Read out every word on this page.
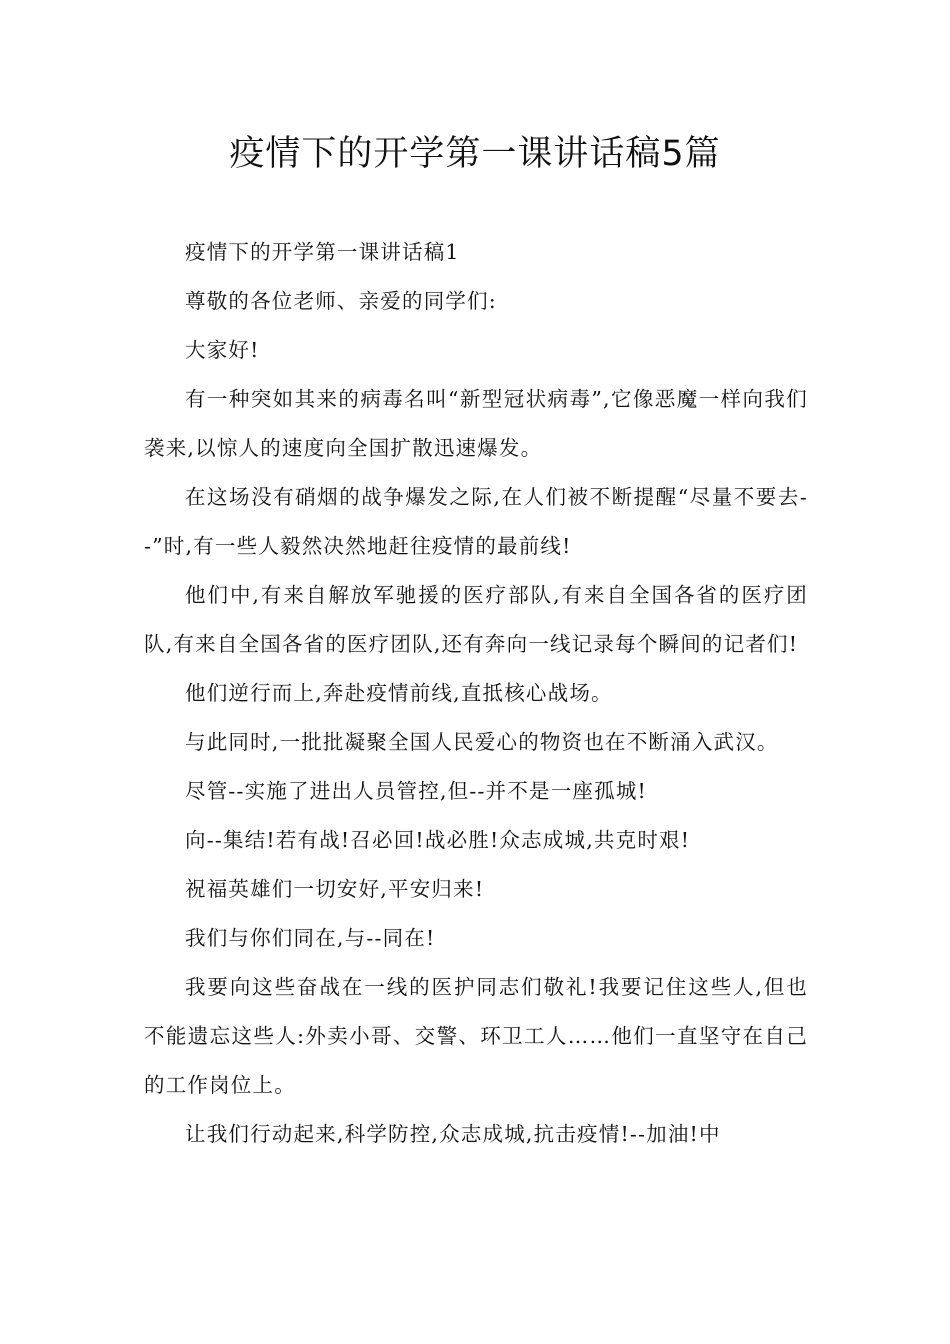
疫情下的开学第一课讲话稿5篇

疫情下的开学第一课讲话稿1

尊敬的各位老师、亲爱的同学们:

大家好!

有一种突如其来的病毒名叫“新型冠状病毒”,它像恶魔一样向我们袭来,以惊人的速度向全国扩散迅速爆发。

在这场没有硝烟的战争爆发之际,在人们被不断提醒“尽量不要去--”时,有一些人毅然决然地赶往疫情的最前线!

他们中,有来自解放军驰援的医疗部队,有来自全国各省的医疗团队,有来自全国各省的医疗团队,还有奔向一线记录每个瞬间的记者们!

他们逆行而上,奔赴疫情前线,直抵核心战场。

与此同时,一批批凝聚全国人民爱心的物资也在不断涌入武汉。

尽管--实施了进出人员管控,但--并不是一座孤城!

向--集结!若有战!召必回!战必胜!众志成城,共克时艰!

祝福英雄们一切安好,平安归来!

我们与你们同在,与--同在!

我要向这些奋战在一线的医护同志们敬礼!我要记住这些人,但也不能遗忘这些人:外卖小哥、交警、环卫工人……他们一直坚守在自己的工作岗位上。

让我们行动起来,科学防控,众志成城,抗击疫情!--加油!中
